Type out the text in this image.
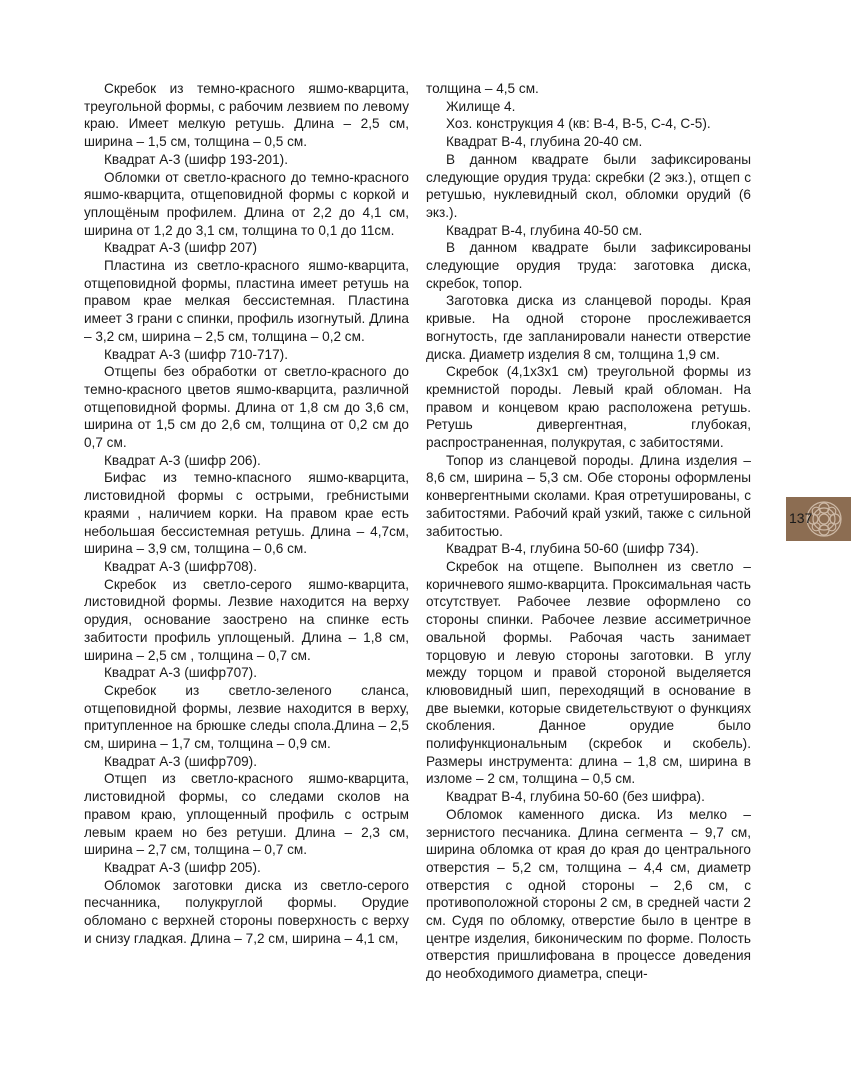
Скребок из темно-красного яшмо-кварцита, треугольной формы, с рабочим лезвием по левому краю. Имеет мелкую ретушь. Длина – 2,5 см, ширина – 1,5 см, толщина – 0,5 см.

Квадрат А-3 (шифр 193-201).

Обломки от светло-красного до темно-красного яшмо-кварцита, отщеповидной формы с коркой и уплощёным профилем. Длина от 2,2 до 4,1 см, ширина от 1,2 до 3,1 см, толщина то 0,1 до 11см.

Квадрат А-3 (шифр 207)

Пластина из светло-красного яшмо-кварцита, отщеповидной формы, пластина имеет ретушь на правом крае мелкая бессистемная. Пластина имеет 3 грани с спинки, профиль изогнутый. Длина – 3,2 см, ширина – 2,5 см, толщина – 0,2 см.

Квадрат А-3 (шифр 710-717).

Отщепы без обработки от светло-красного до темно-красного цветов яшмо-кварцита, различной отщеповидной формы. Длина от 1,8 см до 3,6 см, ширина от 1,5 см до 2,6 см, толщина от 0,2 см до 0,7 см.

Квадрат А-3 (шифр 206).

Бифас из темно-кпасного яшмо-кварцита, листовидной формы с острыми, гребнистыми краями , наличием корки. На правом крае есть небольшая бессистемная ретушь. Длина – 4,7см, ширина – 3,9 см, толщина – 0,6 см.

Квадрат А-3 (шифр708).

Скребок из светло-серого яшмо-кварцита, листовидной формы. Лезвие находится на верху орудия, основание заострено на спинке есть забитости профиль уплощеный. Длина – 1,8 см, ширина – 2,5 см , толщина – 0,7 см.

Квадрат А-3 (шифр707).

Скребок из светло-зеленого сланса, отщеповидной формы, лезвие находится в верху, притупленное на брюшке следы спола.Длина – 2,5 см, ширина – 1,7 см, толщина – 0,9 см.

Квадрат А-3 (шифр709).

Отщеп из светло-красного яшмо-кварцита, листовидной формы, со следами сколов на правом краю, уплощенный профиль с острым левым краем но без ретуши. Длина – 2,3 см, ширина – 2,7 см, толщина – 0,7 см.

Квадрат А-3 (шифр 205).

Обломок заготовки диска из светло-серого песчанника, полукруглой формы. Орудие обломано с верхней стороны поверхность с верху и снизу гладкая. Длина – 7,2 см, ширина – 4,1 см,

толщина – 4,5 см.

Жилище 4.

Хоз. конструкция 4 (кв: В-4, В-5, С-4, С-5).

Квадрат В-4, глубина 20-40 см.

В данном квадрате были зафиксированы следующие орудия труда: скребки (2 экз.), отщеп с ретушью, нуклевидный скол, обломки орудий (6 экз.).

Квадрат В-4, глубина 40-50 см.

В данном квадрате были зафиксированы следующие орудия труда: заготовка диска, скребок, топор.

Заготовка диска из сланцевой породы. Края кривые. На одной стороне прослеживается вогнутость, где запланировали нанести отверстие диска. Диаметр изделия 8 см, толщина 1,9 см.

Скребок (4,1х3х1 см) треугольной формы из кремнистой породы. Левый край обломан. На правом и концевом краю расположена ретушь. Ретушь дивергентная, глубокая, распространенная, полукрутая, с забитостями.

Топор из сланцевой породы. Длина изделия – 8,6 см, ширина – 5,3 см. Обе стороны оформлены конвергентными сколами. Края отретушированы, с забитостями. Рабочий край узкий, также с сильной забитостью.

Квадрат В-4, глубина 50-60 (шифр 734).

Скребок на отщепе. Выполнен из светло – коричневого яшмо-кварцита. Проксимальная часть отсутствует. Рабочее лезвие оформлено со стороны спинки. Рабочее лезвие ассиметричное овальной формы. Рабочая часть занимает торцовую и левую стороны заготовки. В углу между торцом и правой стороной выделяется клювовидный шип, переходящий в основание в две выемки, которые свидетельствуют о функциях скобления. Данное орудие было полифункциональным (скребок и скобель). Размеры инструмента: длина – 1,8 см, ширина в изломе – 2 см, толщина – 0,5 см.

Квадрат В-4, глубина 50-60 (без шифра).

Обломок каменного диска. Из мелко – зернистого песчаника. Длина сегмента – 9,7 см, ширина обломка от края до края до центрального отверстия – 5,2 см, толщина – 4,4 см, диаметр отверстия с одной стороны – 2,6 см, с противоположной стороны 2 см, в средней части 2 см. Судя по обломку, отверстие было в центре в центре изделия, биконическим по форме. Полость отверстия пришлифована в процессе доведения до необходимого диаметра, специ-

137
